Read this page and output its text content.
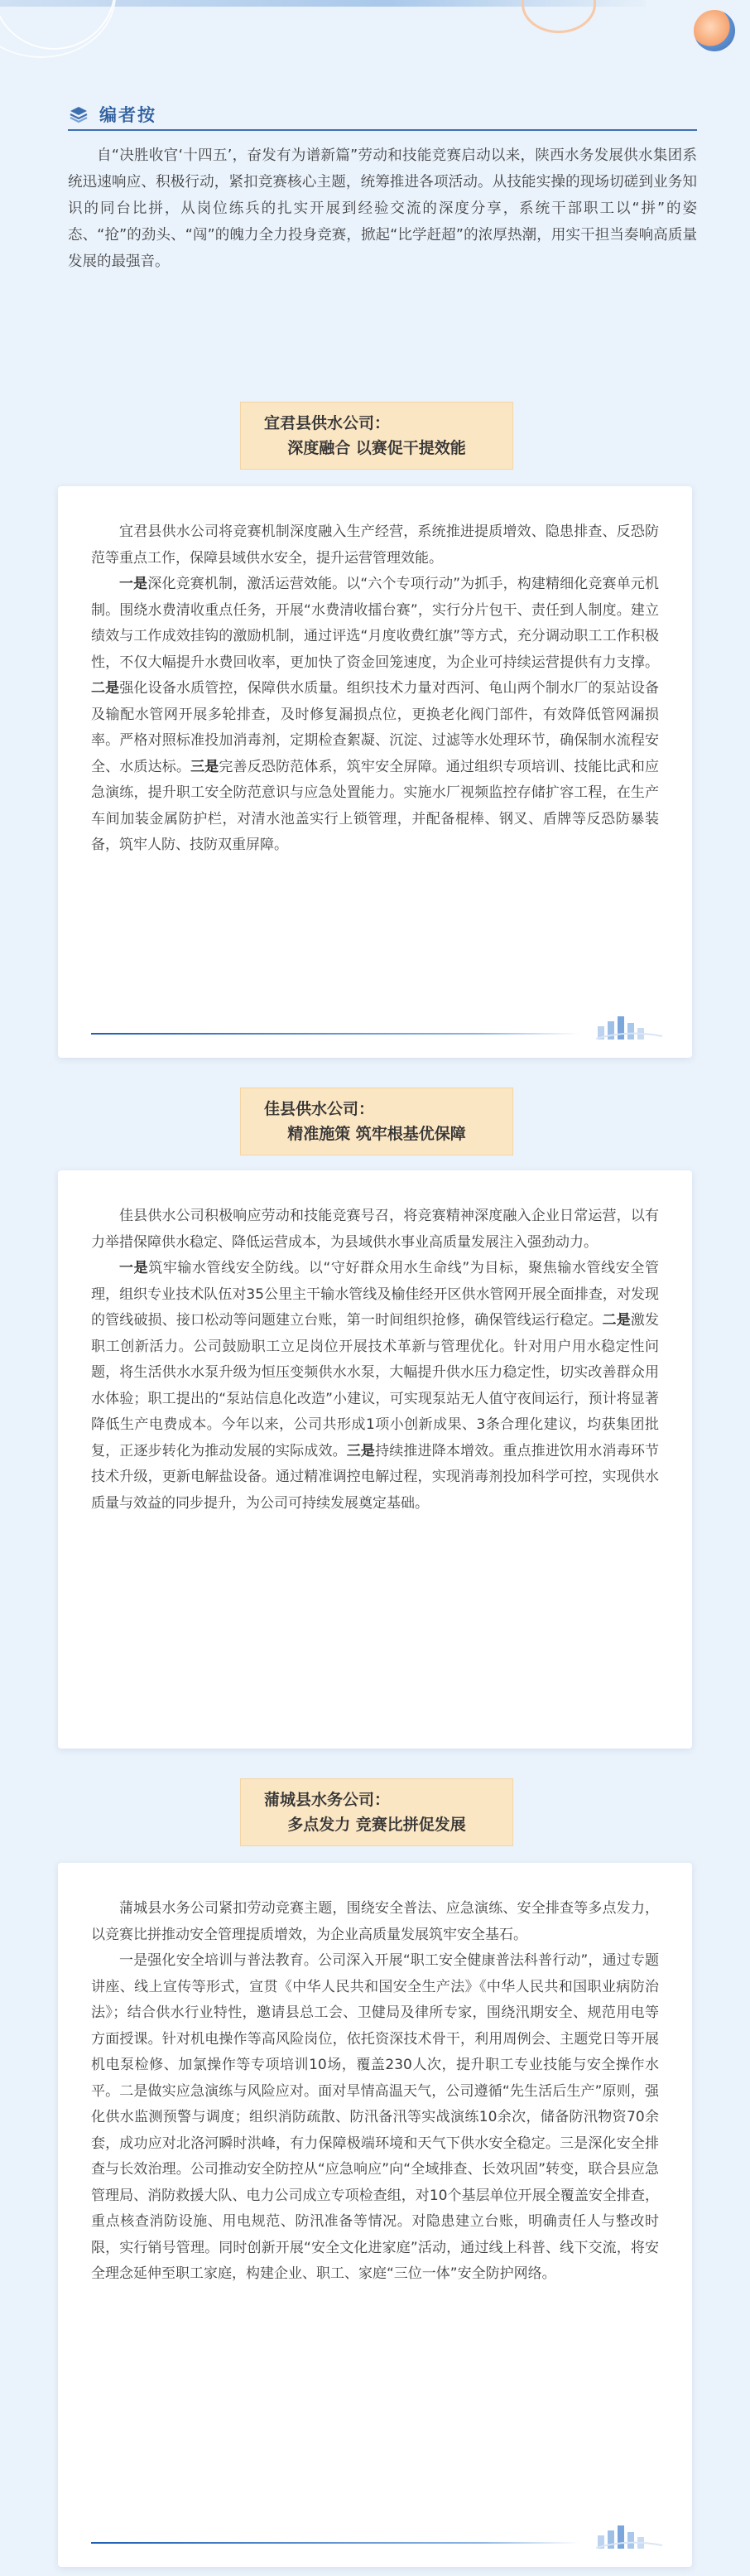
编者按

自“决胜收官‘十四五’，奋发有为谱新篇”劳动和技能竞赛启动以来，陕西水务发展供水集团系统迅速响应、积极行动，紧扣竞赛核心主题，统筹推进各项活动。从技能实操的现场切磋到业务知识的同台比拼，从岗位练兵的扎实开展到经验交流的深度分享，系统干部职工以“拼”的姿态、“抢”的劲头、“闯”的魄力全力投身竞赛，掀起“比学赶超”的浓厚热潮，用实干担当奏响高质量发展的最强音。

宜君县供水公司：
深度融合 以赛促干提效能

宜君县供水公司将竞赛机制深度融入生产经营，系统推进提质增效、隐患排查、反恐防范等重点工作，保障县域供水安全，提升运营管理效能。

一是深化竞赛机制，激活运营效能。以“六个专项行动”为抓手，构建精细化竞赛单元机制。围绕水费清收重点任务，开展“水费清收擂台赛”，实行分片包干、责任到人制度。建立绩效与工作成效挂钩的激励机制，通过评选“月度收费红旗”等方式，充分调动职工工作积极性，不仅大幅提升水费回收率，更加快了资金回笼速度，为企业可持续运营提供有力支撑。二是强化设备水质管控，保障供水质量。组织技术力量对西河、龟山两个制水厂的泵站设备及输配水管网开展多轮排查，及时修复漏损点位，更换老化阀门部件，有效降低管网漏损率。严格对照标准投加消毒剂，定期检查絮凝、沉淀、过滤等水处理环节，确保制水流程安全、水质达标。三是完善反恐防范体系，筑牢安全屏障。通过组织专项培训、技能比武和应急演练，提升职工安全防范意识与应急处置能力。实施水厂视频监控存储扩容工程，在生产车间加装金属防护栏，对清水池盖实行上锁管理，并配备棍棒、钢叉、盾牌等反恐防暴装备，筑牢人防、技防双重屏障。

佳县供水公司：
精准施策 筑牢根基优保障

佳县供水公司积极响应劳动和技能竞赛号召，将竞赛精神深度融入企业日常运营，以有力举措保障供水稳定、降低运营成本，为县域供水事业高质量发展注入强劲动力。

一是筑牢输水管线安全防线。以“守好群众用水生命线”为目标，聚焦输水管线安全管理，组织专业技术队伍对35公里主干输水管线及榆佳经开区供水管网开展全面排查，对发现的管线破损、接口松动等问题建立台账，第一时间组织抢修，确保管线运行稳定。二是激发职工创新活力。公司鼓励职工立足岗位开展技术革新与管理优化。针对用户用水稳定性问题，将生活供水水泵升级为恒压变频供水水泵，大幅提升供水压力稳定性，切实改善群众用水体验；职工提出的“泵站信息化改造”小建议，可实现泵站无人值守夜间运行，预计将显著降低生产电费成本。今年以来，公司共形成1项小创新成果、3条合理化建议，均获集团批复，正逐步转化为推动发展的实际成效。三是持续推进降本增效。重点推进饮用水消毒环节技术升级，更新电解盐设备。通过精准调控电解过程，实现消毒剂投加科学可控，实现供水质量与效益的同步提升，为公司可持续发展奠定基础。

蒲城县水务公司：
多点发力 竞赛比拼促发展

蒲城县水务公司紧扣劳动竞赛主题，围绕安全普法、应急演练、安全排查等多点发力，以竞赛比拼推动安全管理提质增效，为企业高质量发展筑牢安全基石。

一是强化安全培训与普法教育。公司深入开展“职工安全健康普法科普行动”，通过专题讲座、线上宣传等形式，宣贯《中华人民共和国安全生产法》《中华人民共和国职业病防治法》；结合供水行业特性，邀请县总工会、卫健局及律所专家，围绕汛期安全、规范用电等方面授课。针对机电操作等高风险岗位，依托资深技术骨干，利用周例会、主题党日等开展机电泵检修、加氯操作等专项培训10场，覆盖230人次，提升职工专业技能与安全操作水平。二是做实应急演练与风险应对。面对旱情高温天气，公司遵循“先生活后生产”原则，强化供水监测预警与调度；组织消防疏散、防汛备汛等实战演练10余次，储备防汛物资70余套，成功应对北洛河瞬时洪峰，有力保障极端环境和天气下供水安全稳定。三是深化安全排查与长效治理。公司推动安全防控从“应急响应”向“全域排查、长效巩固”转变，联合县应急管理局、消防救援大队、电力公司成立专项检查组，对10个基层单位开展全覆盖安全排查，重点核查消防设施、用电规范、防汛准备等情况。对隐患建立台账，明确责任人与整改时限，实行销号管理。同时创新开展“安全文化进家庭”活动，通过线上科普、线下交流，将安全理念延伸至职工家庭，构建企业、职工、家庭“三位一体”安全防护网络。
